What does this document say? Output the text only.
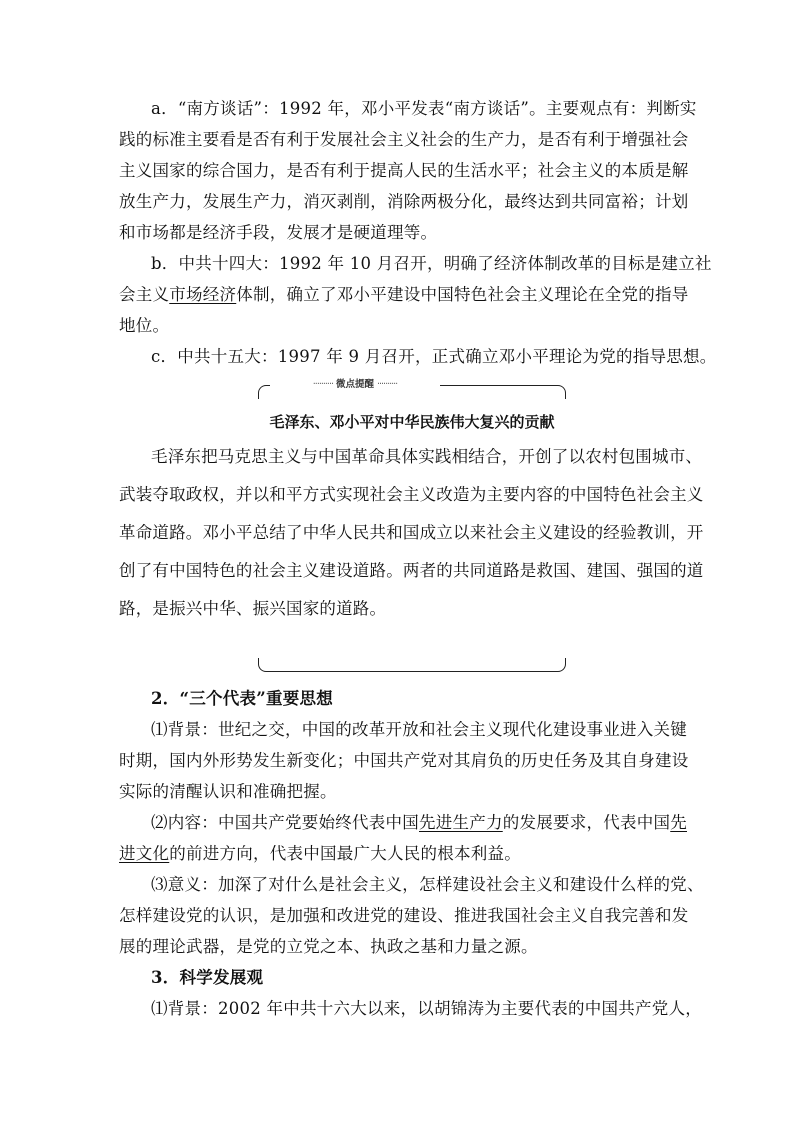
a．“南方谈话”：1992 年，邓小平发表“南方谈话”。主要观点有：判断实
践的标准主要看是否有利于发展社会主义社会的生产力，是否有利于增强社会
主义国家的综合国力，是否有利于提高人民的生活水平；社会主义的本质是解
放生产力，发展生产力，消灭剥削，消除两极分化，最终达到共同富裕；计划
和市场都是经济手段，发展才是硬道理等。
b．中共十四大：1992 年 10 月召开，明确了经济体制改革的目标是建立社
会主义市场经济体制，确立了邓小平建设中国特色社会主义理论在全党的指导
地位。
c．中共十五大：1997 年 9 月召开，正式确立邓小平理论为党的指导思想。
·········· 微点提醒 ··········
毛泽东、邓小平对中华民族伟大复兴的贡献
毛泽东把马克思主义与中国革命具体实践相结合，开创了以农村包围城市、
武装夺取政权，并以和平方式实现社会主义改造为主要内容的中国特色社会主义
革命道路。邓小平总结了中华人民共和国成立以来社会主义建设的经验教训，开
创了有中国特色的社会主义建设道路。两者的共同道路是救国、建国、强国的道
路，是振兴中华、振兴国家的道路。
2．“三个代表”重要思想
⑴背景：世纪之交，中国的改革开放和社会主义现代化建设事业进入关键
时期，国内外形势发生新变化；中国共产党对其肩负的历史任务及其自身建设
实际的清醒认识和准确把握。
⑵内容：中国共产党要始终代表中国先进生产力的发展要求，代表中国先
进文化的前进方向，代表中国最广大人民的根本利益。
⑶意义：加深了对什么是社会主义，怎样建设社会主义和建设什么样的党、
怎样建设党的认识，是加强和改进党的建设、推进我国社会主义自我完善和发
展的理论武器，是党的立党之本、执政之基和力量之源。
3．科学发展观
⑴背景：2002 年中共十六大以来，以胡锦涛为主要代表的中国共产党人，
